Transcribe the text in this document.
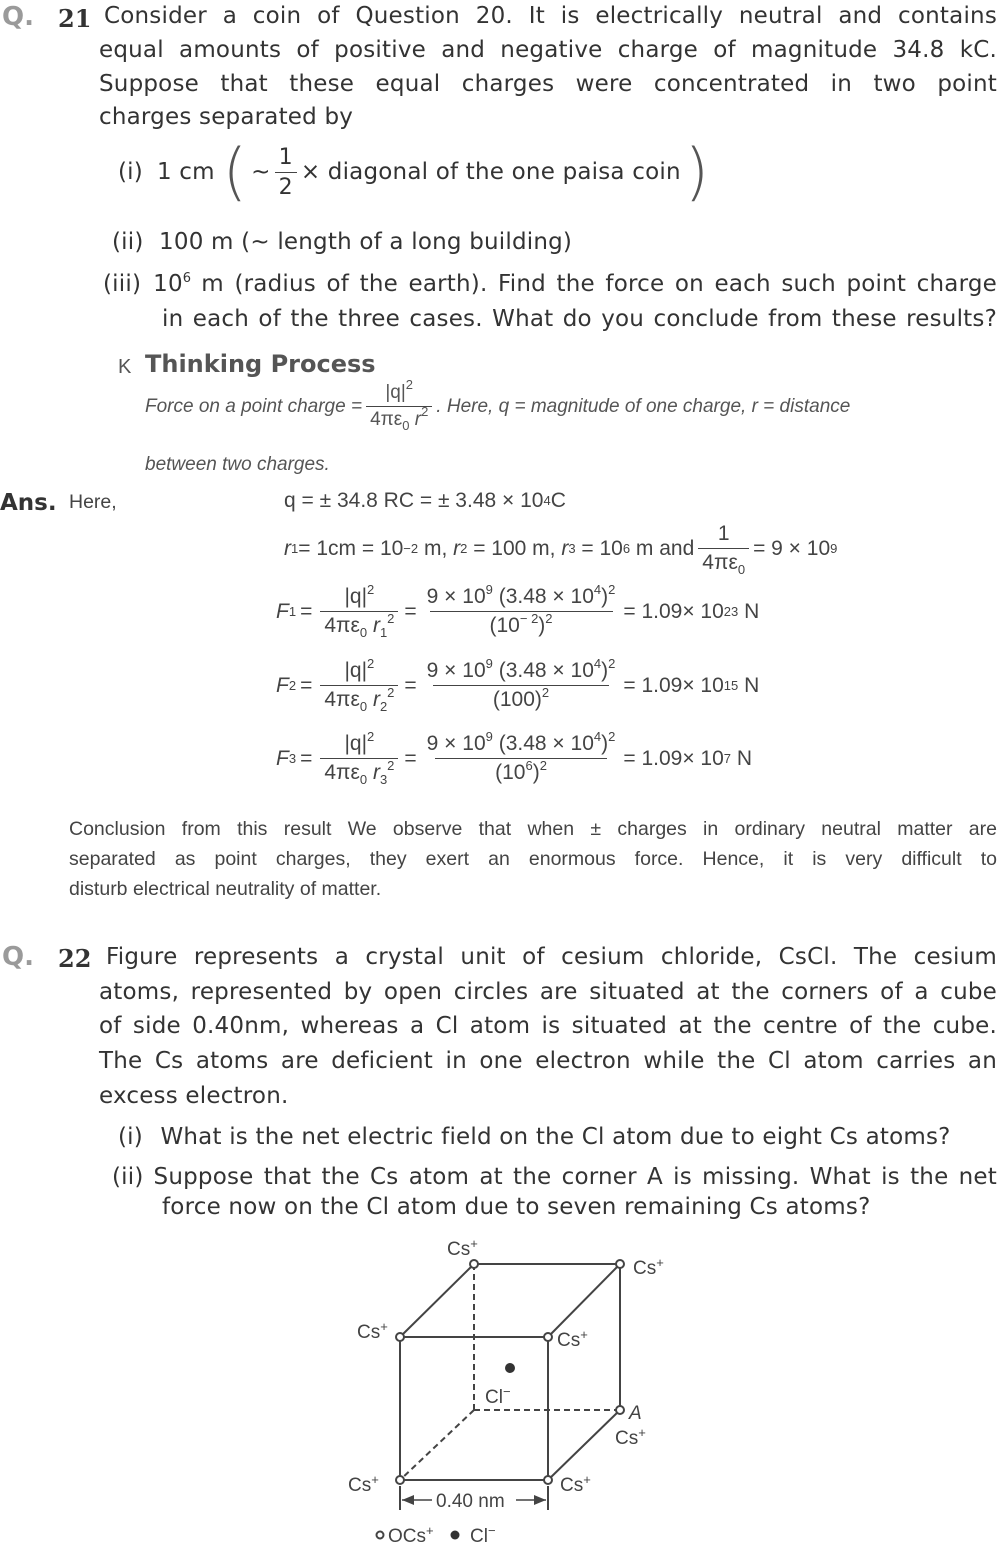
Q. 21 Consider a coin of Question 20. It is electrically neutral and contains
equal amounts of positive and negative charge of magnitude 34.8 kC.
Suppose that these equal charges were concentrated in two point
charges separated by
(i) 1 cm ( ~ $\frac{1}{2}$ × diagonal of the one paisa coin )
(ii) 100 m (~ length of a long building)
(iii) $10^6$ m (radius of the earth). Find the force on each such point charge
in each of the three cases. What do you conclude from these results?
K Thinking Process
Force on a point charge = $\frac{|q|^2}{4\pi\varepsilon_0 r^2}$ . Here, q = magnitude of one charge, r = distance
between two charges.
Ans. Here,	q = ± 34.8 RC = ± 3.48 × 10 4 C
r 1 = 1cm = 10 −2 m, r 2 = 100 m, r 3 = 10 6 m and $\frac{1}{4\pi\varepsilon_0} = 9 \times 10$ 9
F $1 = \frac{|q|^2}{4\pi\varepsilon_0 r_1^2} = \frac{9 \times 10^9 (3.48 \times 10^4)^2}{(10^{- 2})^2} = 1.09\times 10$ 23 N
F $2 = \frac{|q|^2}{4\pi\varepsilon_0 r_2^2} = \frac{9 \times 10^9 (3.48 \times 10^4)^2}{(100)^2} = 1.09\times 10$ 15 N
F $3 = \frac{|q|^2}{4\pi\varepsilon_0 r_3^2} = \frac{9 \times 10^9 (3.48 \times 10^4)^2}{(10^6)^2} = 1.09\times 10$ 7 N
Conclusion from this result We observe that when ± charges in ordinary neutral matter are
separated as point charges, they exert an enormous force. Hence, it is very difficult to
disturb electrical neutrality of matter.
Q. 22 Figure represents a crystal unit of cesium chloride, CsCl. The cesium
atoms, represented by open circles are situated at the corners of a cube
of side 0.40nm, whereas a Cl atom is situated at the centre of the cube.
The Cs atoms are deficient in one electron while the Cl atom carries an
excess electron.
(i) What is the net electric field on the Cl atom due to eight Cs atoms?
(ii) Suppose that the Cs atom at the corner A is missing. What is the net
force now on the Cl atom due to seven remaining Cs atoms?
Cs+
Cs+
Cs+
Cs+
Cl−
A
Cs+
Cs+	Cs+
0.40 nm
OCs+ Cl−
